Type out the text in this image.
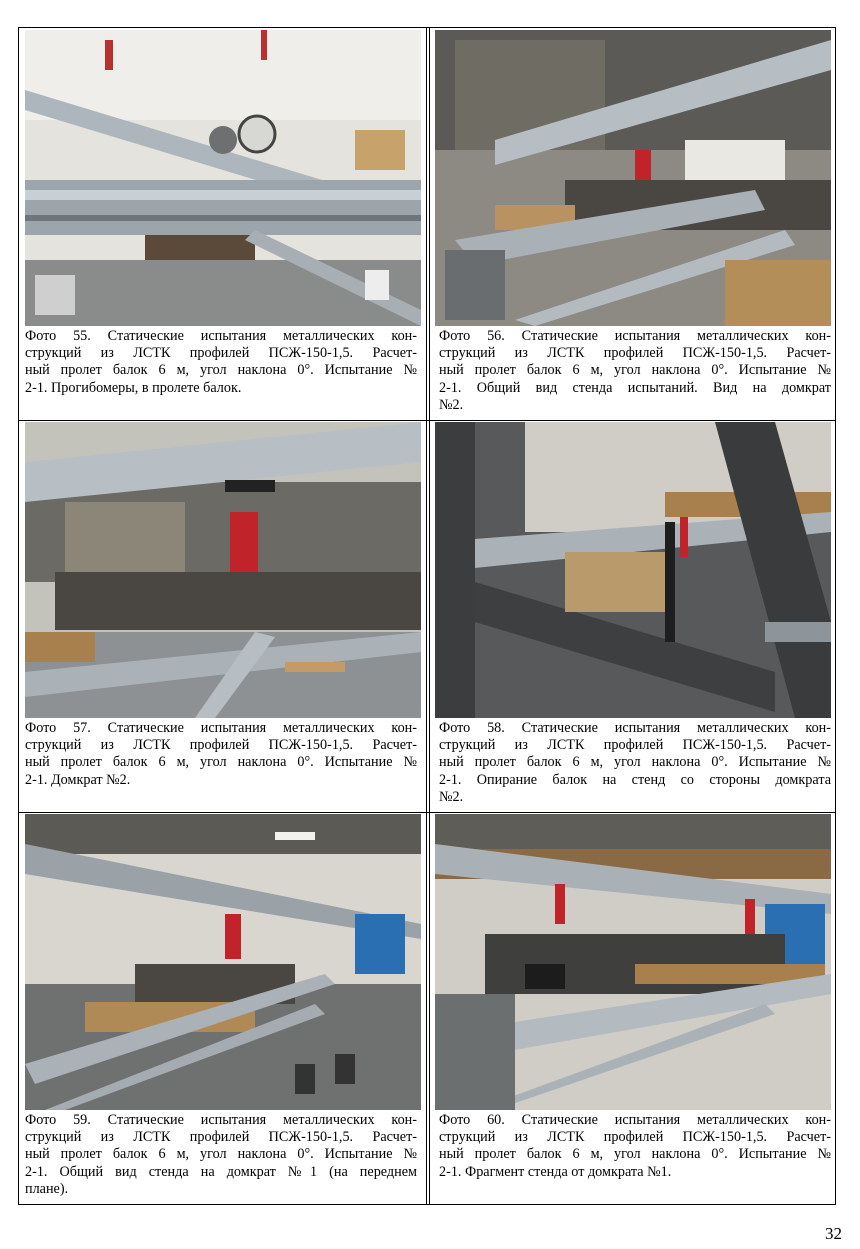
Фото 55. Статические испытания металлических кон-
струкций из ЛСТК профилей ПСЖ-150-1,5. Расчет-
ный пролет балок 6 м, угол наклона 0°. Испытание №
2-1. Прогибомеры, в пролете балок.
Фото 56. Статические испытания металлических кон-
струкций из ЛСТК профилей ПСЖ-150-1,5. Расчет-
ный пролет балок 6 м, угол наклона 0°. Испытание №
2-1. Общий вид стенда испытаний. Вид на домкрат
№2.
Фото 57. Статические испытания металлических кон-
струкций из ЛСТК профилей ПСЖ-150-1,5. Расчет-
ный пролет балок 6 м, угол наклона 0°. Испытание №
2-1. Домкрат №2.
Фото 58. Статические испытания металлических кон-
струкций из ЛСТК профилей ПСЖ-150-1,5. Расчет-
ный пролет балок 6 м, угол наклона 0°. Испытание №
2-1. Опирание балок на стенд со стороны домкрата
№2.
Фото 59. Статические испытания металлических кон-
струкций из ЛСТК профилей ПСЖ-150-1,5. Расчет-
ный пролет балок 6 м, угол наклона 0°. Испытание №
2-1. Общий вид стенда на домкрат №1 (на переднем
плане).
Фото 60. Статические испытания металлических кон-
струкций из ЛСТК профилей ПСЖ-150-1,5. Расчет-
ный пролет балок 6 м, угол наклона 0°. Испытание №
2-1. Фрагмент стенда от домкрата №1.
32
